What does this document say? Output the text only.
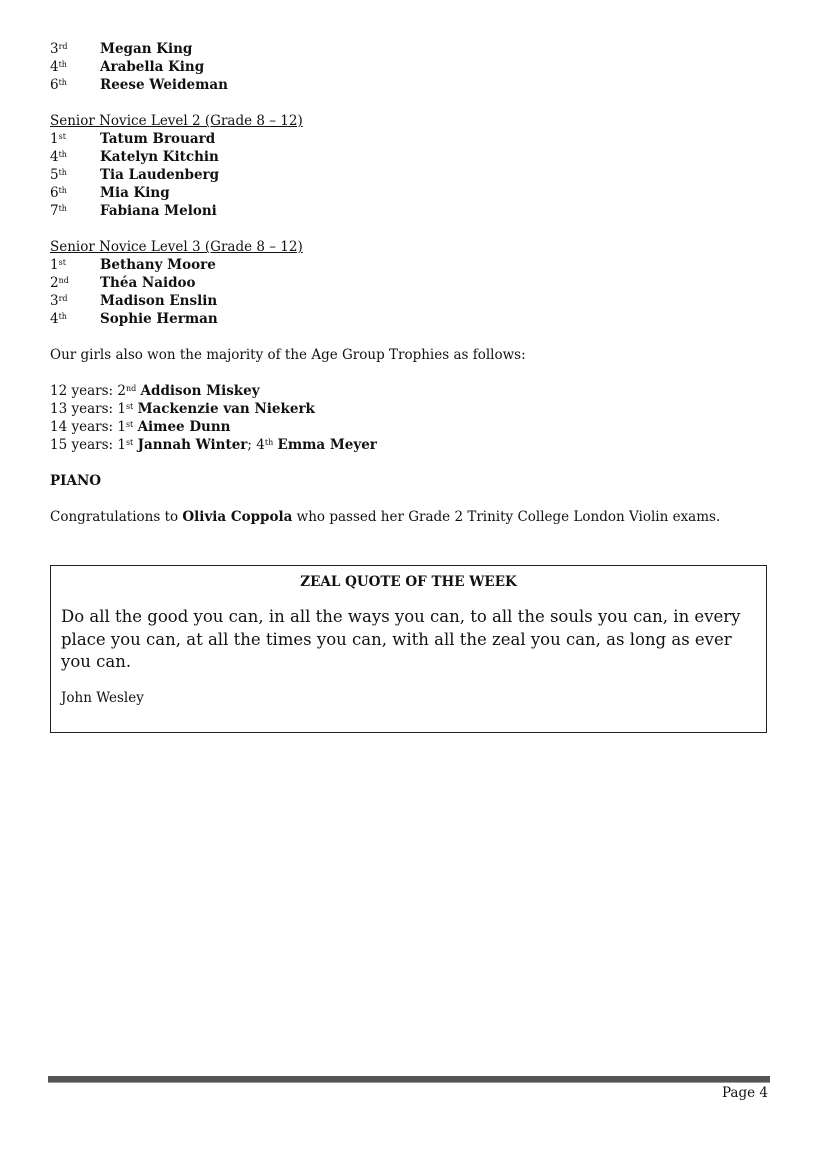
3rd Megan King
4th Arabella King
6th Reese Weideman
Senior Novice Level 2 (Grade 8 – 12)
1st	Tatum Brouard
4th Katelyn Kitchin
5th Tia Laudenberg
6th Mia King
7th Fabiana Meloni
Senior Novice Level 3 (Grade 8 – 12)
1st	Bethany Moore
2nd Théa Naidoo
3rd Madison Enslin
4th Sophie Herman
Our girls also won the majority of the Age Group Trophies as follows:
12 years: 2nd Addison Miskey
13 years: 1st Mackenzie van Niekerk
14 years: 1st Aimee Dunn
15 years: 1st Jannah Winter; 4th Emma Meyer
PIANO
Congratulations to Olivia Coppola who passed her Grade 2 Trinity College London Violin exams.
ZEAL QUOTE OF THE WEEK
Do all the good you can, in all the ways you can, to all the souls you can, in every place you can, at all the times you can, with all the zeal you can, as long as ever you can.
John Wesley
Page 4
